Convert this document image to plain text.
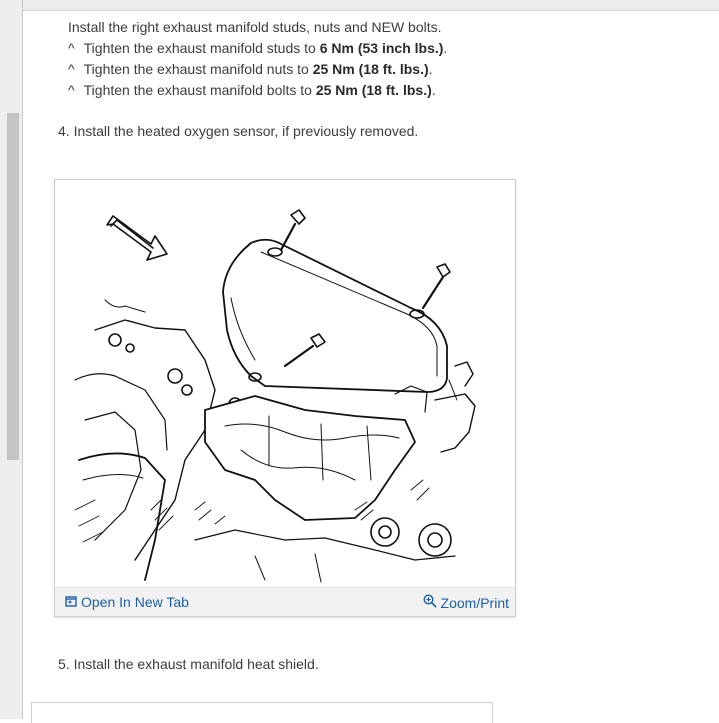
Install the right exhaust manifold studs, nuts and NEW bolts.
^ Tighten the exhaust manifold studs to 6 Nm (53 inch lbs.).
^ Tighten the exhaust manifold nuts to 25 Nm (18 ft. lbs.).
^ Tighten the exhaust manifold bolts to 25 Nm (18 ft. lbs.).
4. Install the heated oxygen sensor, if previously removed.
Open In New Tab	Zoom/Print
5. Install the exhaust manifold heat shield.
